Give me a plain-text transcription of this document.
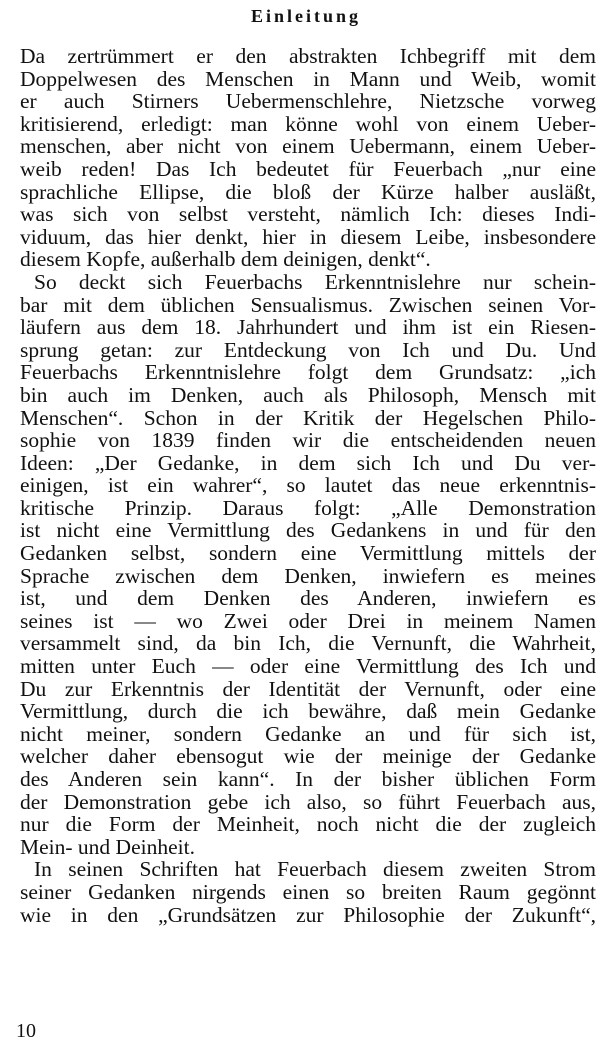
Einleitung
Da zertrümmert er den abstrakten Ichbegriff mit dem
Doppelwesen des Menschen in Mann und Weib, womit
er auch Stirners Uebermenschlehre, Nietzsche vorweg
kritisierend, erledigt: man könne wohl von einem Ueber-
menschen, aber nicht von einem Uebermann, einem Ueber-
weib reden! Das Ich bedeutet für Feuerbach „nur eine
sprachliche Ellipse, die bloß der Kürze halber ausläßt,
was sich von selbst versteht, nämlich Ich: dieses Indi-
viduum, das hier denkt, hier in diesem Leibe, insbesondere
diesem Kopfe, außerhalb dem deinigen, denkt“.
So deckt sich Feuerbachs Erkenntnislehre nur schein-
bar mit dem üblichen Sensualismus. Zwischen seinen Vor-
läufern aus dem 18. Jahrhundert und ihm ist ein Riesen-
sprung getan: zur Entdeckung von Ich und Du. Und
Feuerbachs Erkenntnislehre folgt dem Grundsatz: „ich
bin auch im Denken, auch als Philosoph, Mensch mit
Menschen“. Schon in der Kritik der Hegelschen Philo-
sophie von 1839 finden wir die entscheidenden neuen
Ideen: „Der Gedanke, in dem sich Ich und Du ver-
einigen, ist ein wahrer“, so lautet das neue erkenntnis-
kritische Prinzip. Daraus folgt: „Alle Demonstration
ist nicht eine Vermittlung des Gedankens in und für den
Gedanken selbst, sondern eine Vermittlung mittels der
Sprache zwischen dem Denken, inwiefern es meines
ist, und dem Denken des Anderen, inwiefern es
seines ist — wo Zwei oder Drei in meinem Namen
versammelt sind, da bin Ich, die Vernunft, die Wahrheit,
mitten unter Euch — oder eine Vermittlung des Ich und
Du zur Erkenntnis der Identität der Vernunft, oder eine
Vermittlung, durch die ich bewähre, daß mein Gedanke
nicht meiner, sondern Gedanke an und für sich ist,
welcher daher ebensogut wie der meinige der Gedanke
des Anderen sein kann“. In der bisher üblichen Form
der Demonstration gebe ich also, so führt Feuerbach aus,
nur die Form der Meinheit, noch nicht die der zugleich
Mein- und Deinheit.
In seinen Schriften hat Feuerbach diesem zweiten Strom
seiner Gedanken nirgends einen so breiten Raum gegönnt
wie in den „Grundsätzen zur Philosophie der Zukunft“,
10
